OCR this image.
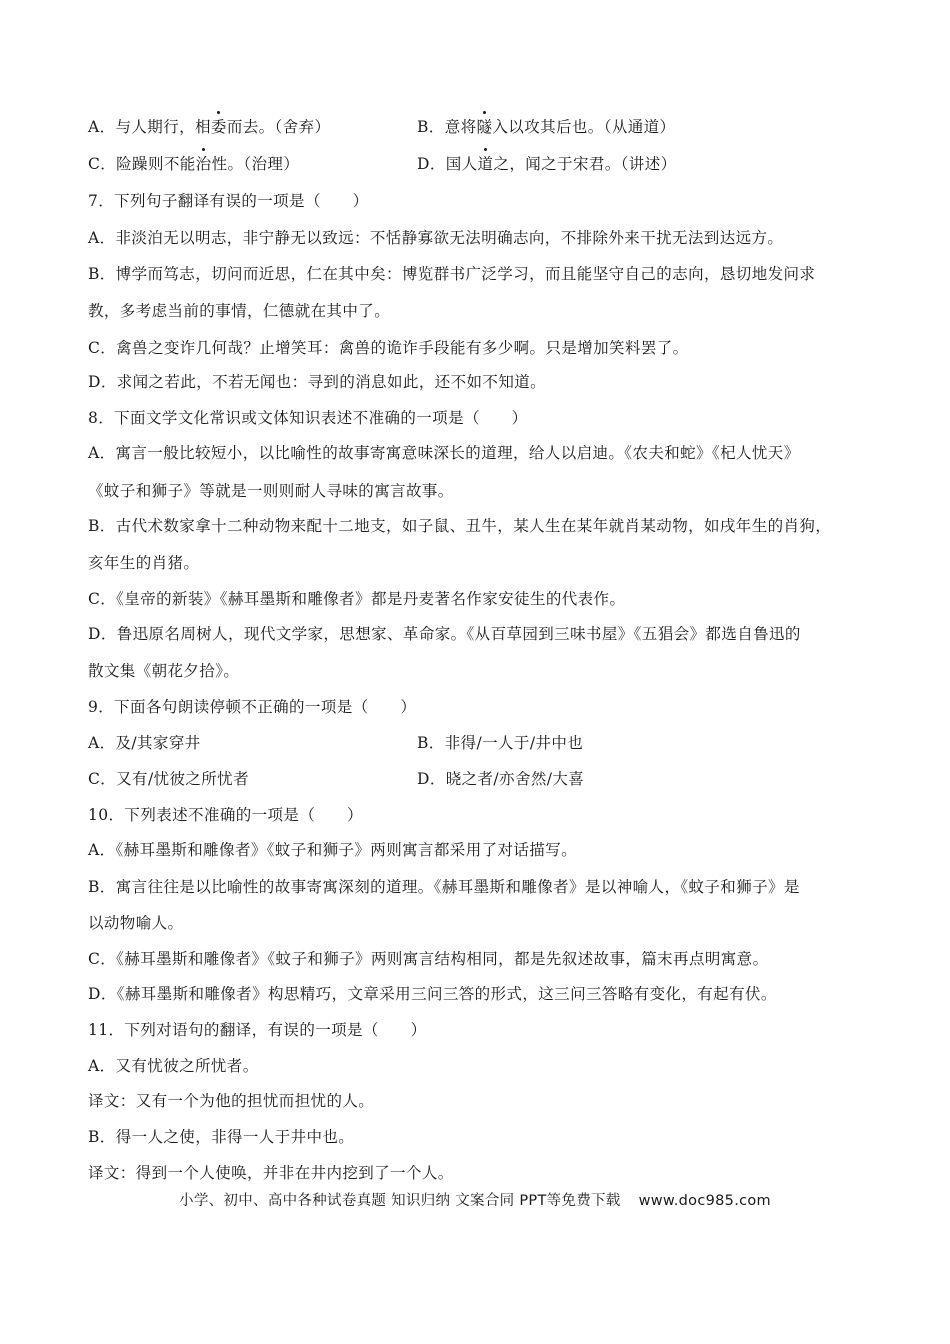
A．与人期行，相委而去。（舍弃）	B．意将隧入以攻其后也。（从通道）
C．险躁则不能治性。（治理）	D．国人道之，闻之于宋君。（讲述）
7．下列句子翻译有误的一项是（　　）
A．非淡泊无以明志，非宁静无以致远：不恬静寡欲无法明确志向，不排除外来干扰无法到达远方。
B．博学而笃志，切问而近思，仁在其中矣：博览群书广泛学习，而且能坚守自己的志向，恳切地发问求
教，多考虑当前的事情，仁德就在其中了。
C．禽兽之变诈几何哉？止增笑耳：禽兽的诡诈手段能有多少啊。只是增加笑料罢了。
D．求闻之若此，不若无闻也：寻到的消息如此，还不如不知道。
8．下面文学文化常识或文体知识表述不准确的一项是（　　）
A．寓言一般比较短小，以比喻性的故事寄寓意味深长的道理，给人以启迪。《农夫和蛇》《杞人忧天》
《蚊子和狮子》等就是一则则耐人寻味的寓言故事。
B．古代术数家拿十二种动物来配十二地支，如子鼠、丑牛，某人生在某年就肖某动物，如戌年生的肖狗，
亥年生的肖猪。
C．《皇帝的新装》《赫耳墨斯和雕像者》都是丹麦著名作家安徒生的代表作。
D．鲁迅原名周树人，现代文学家，思想家、革命家。《从百草园到三味书屋》《五猖会》都选自鲁迅的
散文集《朝花夕拾》。
9．下面各句朗读停顿不正确的一项是（　　）
A．及/其家穿井	B．非得/一人于/井中也
C．又有/忧彼之所忧者	D．晓之者/亦舍然/大喜
10．下列表述不准确的一项是（　　）
A．《赫耳墨斯和雕像者》《蚊子和狮子》两则寓言都采用了对话描写。
B．寓言往往是以比喻性的故事寄寓深刻的道理。《赫耳墨斯和雕像者》是以神喻人，《蚊子和狮子》是
以动物喻人。
C．《赫耳墨斯和雕像者》《蚊子和狮子》两则寓言结构相同，都是先叙述故事，篇末再点明寓意。
D．《赫耳墨斯和雕像者》构思精巧，文章采用三问三答的形式，这三问三答略有变化，有起有伏。
11．下列对语句的翻译，有误的一项是（　　）
A．又有忧彼之所忧者。
译文：又有一个为他的担忧而担忧的人。
B．得一人之使，非得一人于井中也。
译文：得到一个人使唤，并非在井内挖到了一个人。
小学、初中、高中各种试卷真题 知识归纳 文案合同 PPT等免费下载 www.doc985.com
